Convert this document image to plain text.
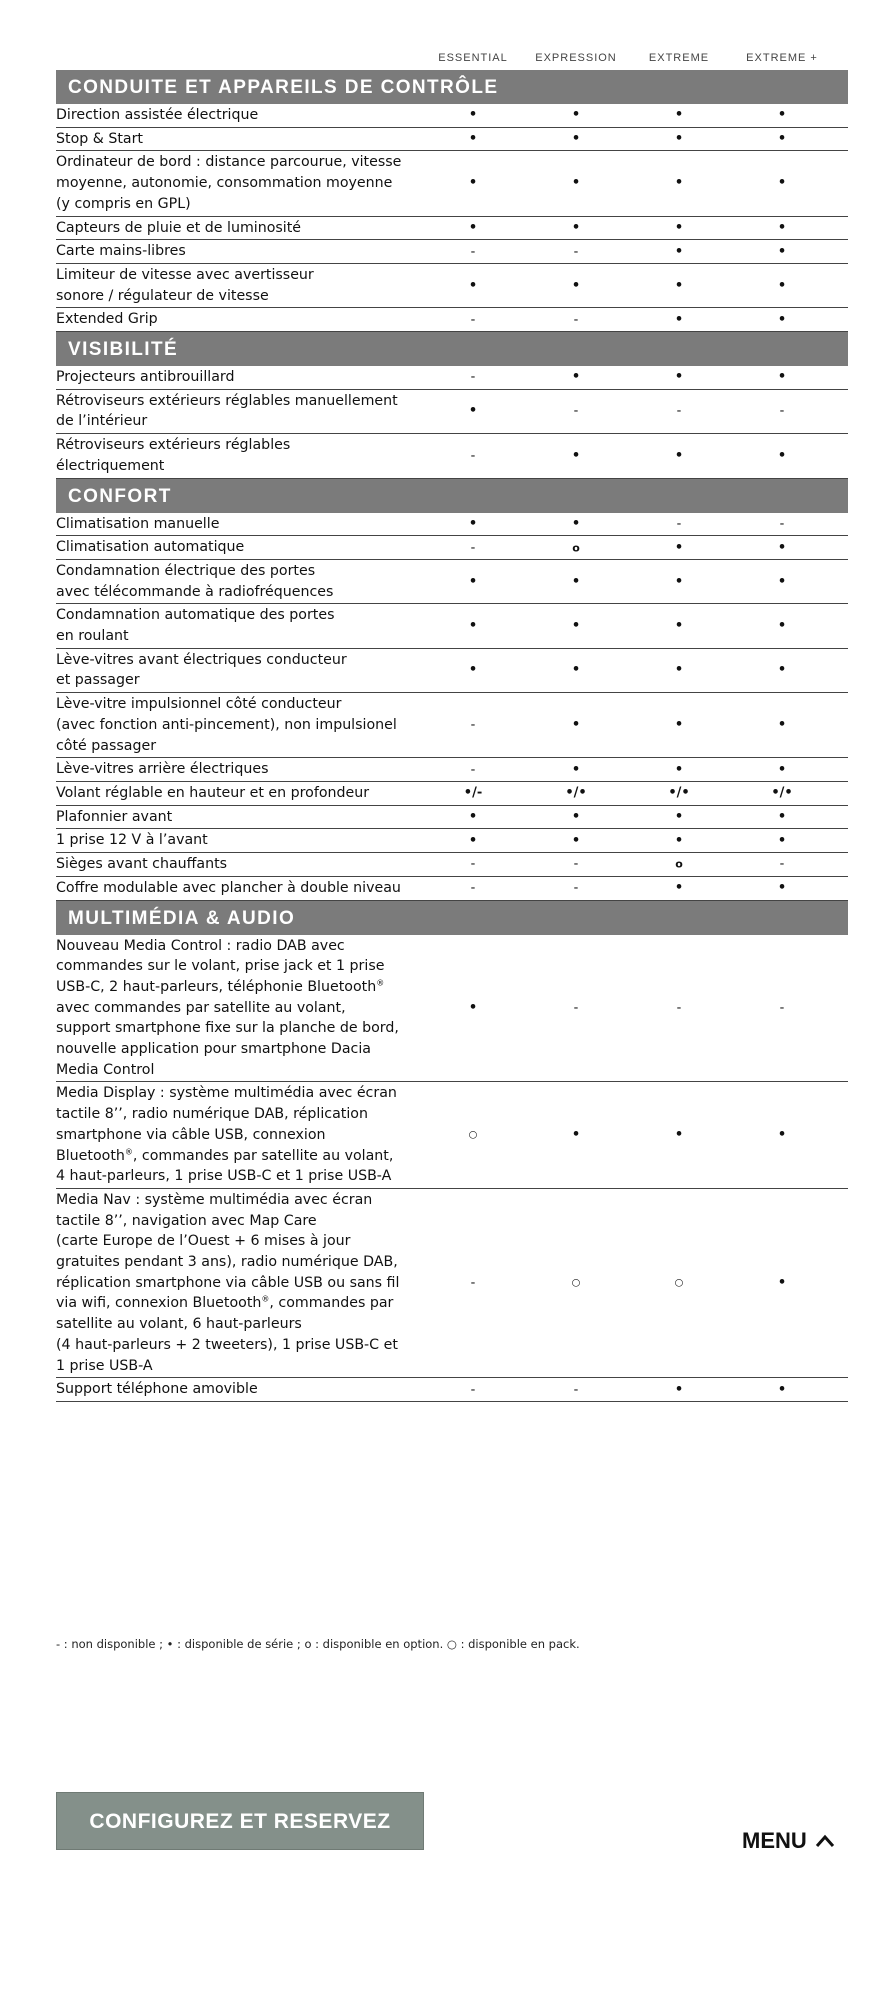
ESSENTIAL	EXPRESSION	EXTREME	EXTREME +
CONDUITE ET APPAREILS DE CONTRÔLE
Direction assistée électrique	•	•	•	•
Stop & Start	•	•	•	•
Ordinateur de bord : distance parcourue, vitesse
moyenne, autonomie, consommation moyenne
(y compris en GPL)
•	•	•	•
Capteurs de pluie et de luminosité	•	•	•	•
Carte mains-libres	-	-	•	•
Limiteur de vitesse avec avertisseur
sonore / régulateur de vitesse
•	•	•	•
Extended Grip	-	-	•	•
VISIBILITÉ
Projecteurs antibrouillard	-	•	•	•
Rétroviseurs extérieurs réglables manuellement
de l’intérieur
•	-	-	-
Rétroviseurs extérieurs réglables
électriquement
-	•	•	•
CONFORT
Climatisation manuelle	•	•	-	-
Climatisation automatique	-	o	•	•
Condamnation électrique des portes
avec télécommande à radiofréquences
•	•	•	•
Condamnation automatique des portes
en roulant
•	•	•	•
Lève-vitres avant électriques conducteur
et passager
•	•	•	•
Lève-vitre impulsionnel côté conducteur
(avec fonction anti-pincement), non impulsionel
côté passager
-	•	•	•
Lève-vitres arrière électriques	-	•	•	•
Volant réglable en hauteur et en profondeur	•/-	•/•	•/•	•/•
Plafonnier avant	•	•	•	•
1 prise 12 V à l’avant	•	•	•	•
Sièges avant chauffants	-	-	o	-
Coffre modulable avec plancher à double niveau	-	-	•	•
MULTIMÉDIA & AUDIO
Nouveau Media Control : radio DAB avec
commandes sur le volant, prise jack et 1 prise
USB-C, 2 haut-parleurs, téléphonie Bluetooth®
avec commandes par satellite au volant,
support smartphone fixe sur la planche de bord,
nouvelle application pour smartphone Dacia
Media Control
•	-	-	-
Media Display : système multimédia avec écran
tactile 8’’, radio numérique DAB, réplication
smartphone via câble USB, connexion
Bluetooth®, commandes par satellite au volant,
4 haut-parleurs, 1 prise USB-C et 1 prise USB-A
○	•	•	•
Media Nav : système multimédia avec écran
tactile 8’’, navigation avec Map Care
(carte Europe de l’Ouest + 6 mises à jour
gratuites pendant 3 ans), radio numérique DAB,
réplication smartphone via câble USB ou sans fil
via wifi, connexion Bluetooth®, commandes par
satellite au volant, 6 haut-parleurs
(4 haut-parleurs + 2 tweeters), 1 prise USB-C et
1 prise USB-A
-	○	○	•
Support téléphone amovible	-	-	•	•
- : non disponible ; • : disponible de série ; o : disponible en option. ○ : disponible en pack.
CONFIGUREZ ET RESERVEZ
MENU
